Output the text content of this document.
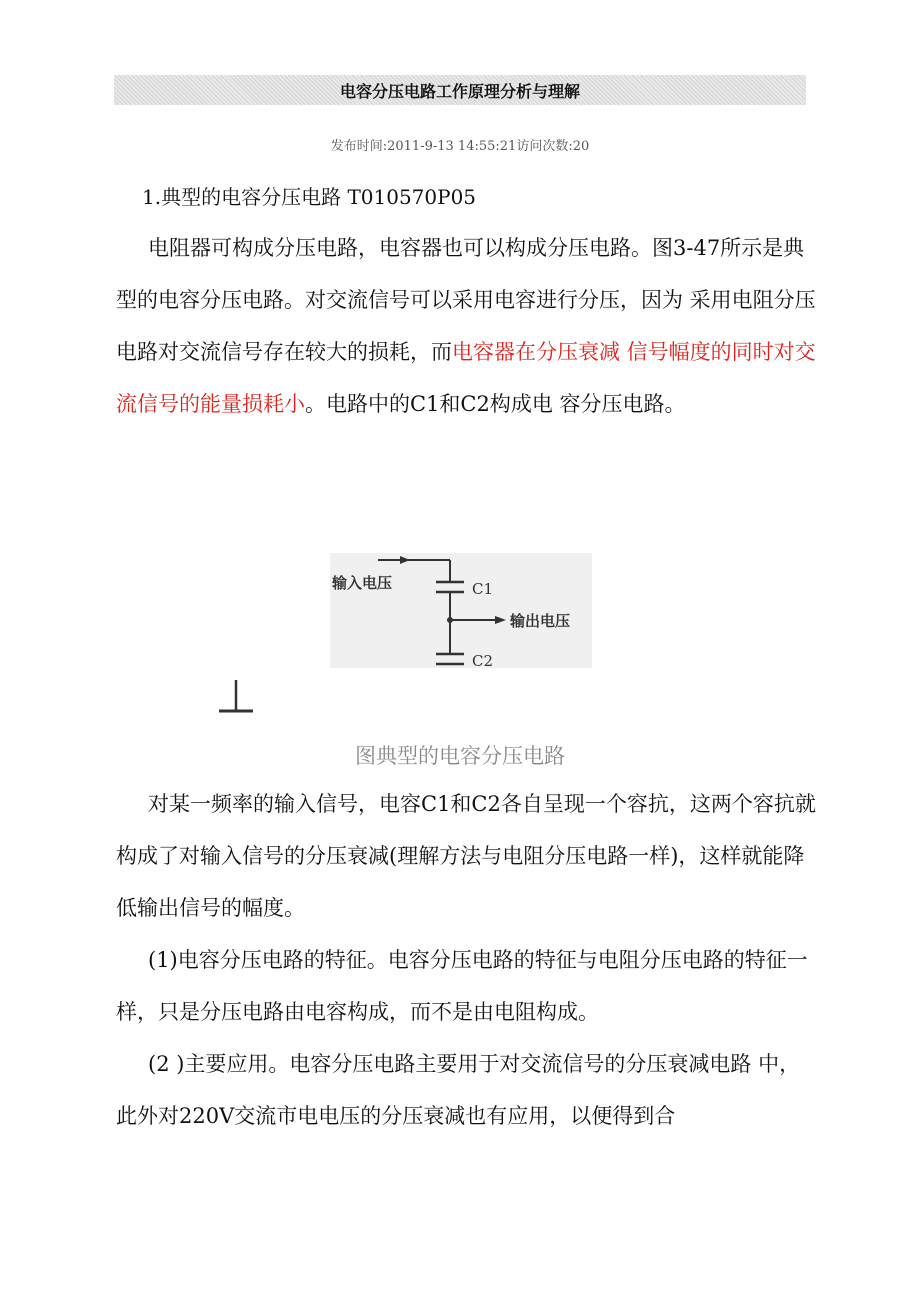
电容分压电路工作原理分析与理解
发布时间:2011-9-13 14:55:21访问次数:20
1.典型的电容分压电路 T010570P05
电阻器可构成分压电路，电容器也可以构成分压电路。图3-47所示是典型的电容分压电路。对交流信号可以采用电容进行分压，因为 采用电阻分压电路对交流信号存在较大的损耗，而电容器在分压衰减 信号幅度的同时对交流信号的能量损耗小。电路中的C1和C2构成电 容分压电路。
输入电压	C1
输出电压
C2
图典型的电容分压电路
对某一频率的输入信号，电容C1和C2各自呈现一个容抗，这两个容抗就构成了对输入信号的分压衰减(理解方法与电阻分压电路一样)，这样就能降低输出信号的幅度。
(1)电容分压电路的特征。电容分压电路的特征与电阻分压电路的特征一样，只是分压电路由电容构成，而不是由电阻构成。
(2 )主要应用。电容分压电路主要用于对交流信号的分压衰减电路 中，此外对220V交流市电电压的分压衰减也有应用，以便得到合
